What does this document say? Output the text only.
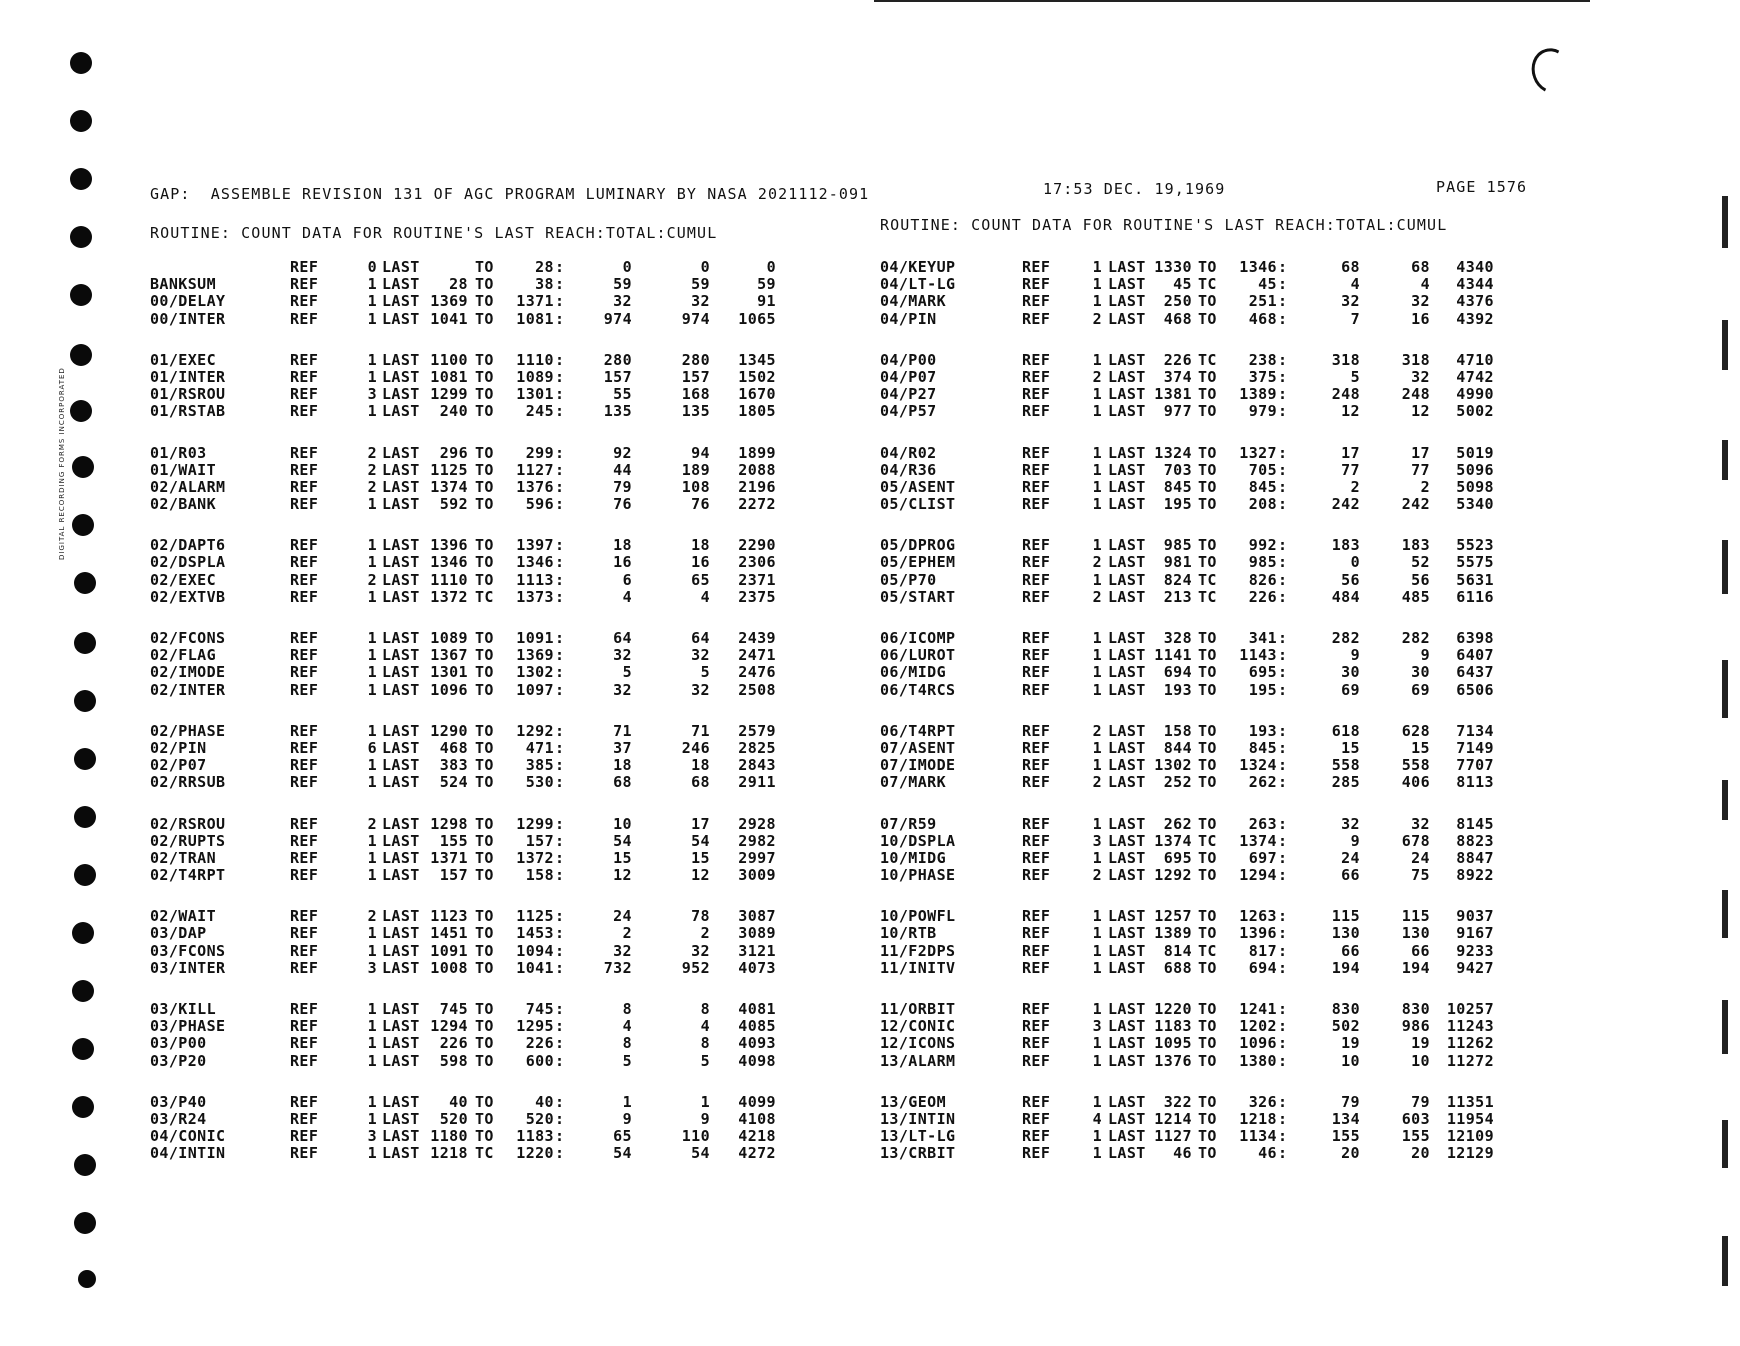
DIGITAL RECORDING FORMS INCORPORATED
GAP:  ASSEMBLE REVISION 131 OF AGC PROGRAM LUMINARY BY NASA 2021112-091	17:53 DEC. 19,1969	PAGE 1576
ROUTINE: COUNT DATA FOR ROUTINE'S LAST REACH:TOTAL:CUMUL	ROUTINE: COUNT DATA FOR ROUTINE'S LAST REACH:TOTAL:CUMUL
REF	0 LAST	TO	28	0	0	0
:
BANKSUM	REF	1 LAST	28 TO	38	59	59	59
:
00/DELAY	REF	1 LAST 1369 TO	1371	32	32	91
:
00/INTER	REF	1 LAST 1041 TO	1081	974	974	1065
:
01/EXEC	REF	1 LAST 1100 TO	1110	280	280	1345
:
01/INTER	REF	1 LAST 1081 TO	1089	157	157	1502
:
01/RSROU	REF	3 LAST 1299 TO	1301	55	168	1670
:
01/RSTAB	REF	1 LAST	240 TO	245	135	135	1805
:
01/R03	REF	2 LAST	296 TO	299	92	94	1899
:
01/WAIT	REF	2 LAST 1125 TO	1127	44	189	2088
:
02/ALARM	REF	2 LAST 1374 TO	1376	79	108	2196
:
02/BANK	REF	1 LAST	592 TO	596	76	76	2272
:
02/DAPT6	REF	1 LAST 1396 TO	1397	18	18	2290
:
02/DSPLA	REF	1 LAST 1346 TO	1346	16	16	2306
:
02/EXEC	REF	2 LAST 1110 TO	1113	6	65	2371
:
02/EXTVB	REF	1 LAST 1372 TC	1373	4	4	2375
:
02/FCONS	REF	1 LAST 1089 TO	1091	64	64	2439
:
02/FLAG	REF	1 LAST 1367 TO	1369	32	32	2471
:
02/IMODE	REF	1 LAST 1301 TO	1302	5	5	2476
:
02/INTER	REF	1 LAST 1096 TO	1097	32	32	2508
:
02/PHASE	REF	1 LAST 1290 TO	1292	71	71	2579
:
02/PIN	REF	6 LAST	468 TO	471	37	246	2825
:
02/P07	REF	1 LAST	383 TO	385	18	18	2843
:
02/RRSUB	REF	1 LAST	524 TO	530	68	68	2911
:
02/RSROU	REF	2 LAST 1298 TO	1299	10	17	2928
:
02/RUPTS	REF	1 LAST	155 TO	157	54	54	2982
:
02/TRAN	REF	1 LAST 1371 TO	1372	15	15	2997
:
02/T4RPT	REF	1 LAST	157 TO	158	12	12	3009
:
02/WAIT	REF	2 LAST 1123 TO	1125	24	78	3087
:
03/DAP	REF	1 LAST 1451 TO	1453	2	2	3089
:
03/FCONS	REF	1 LAST 1091 TO	1094	32	32	3121
:
03/INTER	REF	3 LAST 1008 TO	1041	732	952	4073
:
03/KILL	REF	1 LAST	745 TO	745	8	8	4081
:
03/PHASE	REF	1 LAST 1294 TO	1295	4	4	4085
:
03/P00	REF	1 LAST	226 TO	226	8	8	4093
:
03/P20	REF	1 LAST	598 TO	600	5	5	4098
:
03/P40	REF	1 LAST	40 TO	40	1	1	4099
:
03/R24	REF	1 LAST	520 TO	520	9	9	4108
:
04/CONIC	REF	3 LAST 1180 TO	1183	65	110	4218
:
04/INTIN	REF	1 LAST 1218 TC	1220	54	54	4272
:
04/KEYUP	REF	1 LAST 1330 TO	1346	68	68	4340
:
04/LT-LG	REF	1 LAST	45 TC	45	4	4	4344
:
04/MARK	REF	1 LAST	250 TO	251	32	32	4376
:
04/PIN	REF	2 LAST	468 TO	468	7	16	4392
:
04/P00	REF	1 LAST	226 TC	238	318	318	4710
:
04/P07	REF	2 LAST	374 TO	375	5	32	4742
:
04/P27	REF	1 LAST 1381 TO	1389	248	248	4990
:
04/P57	REF	1 LAST	977 TO	979	12	12	5002
:
04/R02	REF	1 LAST 1324 TO	1327	17	17	5019
:
04/R36	REF	1 LAST	703 TO	705	77	77	5096
:
05/ASENT	REF	1 LAST	845 TO	845	2	2	5098
:
05/CLIST	REF	1 LAST	195 TO	208	242	242	5340
:
05/DPROG	REF	1 LAST	985 TO	992	183	183	5523
:
05/EPHEM	REF	2 LAST	981 TO	985	0	52	5575
:
05/P70	REF	1 LAST	824 TC	826	56	56	5631
:
05/START	REF	2 LAST	213 TC	226	484	485	6116
:
06/ICOMP	REF	1 LAST	328 TO	341	282	282	6398
:
06/LUROT	REF	1 LAST 1141 TO	1143	9	9	6407
:
06/MIDG	REF	1 LAST	694 TO	695	30	30	6437
:
06/T4RCS	REF	1 LAST	193 TO	195	69	69	6506
:
06/T4RPT	REF	2 LAST	158 TO	193	618	628	7134
:
07/ASENT	REF	1 LAST	844 TO	845	15	15	7149
:
07/IMODE	REF	1 LAST 1302 TO	1324	558	558	7707
:
07/MARK	REF	2 LAST	252 TO	262	285	406	8113
:
07/R59	REF	1 LAST	262 TO	263	32	32	8145
:
10/DSPLA	REF	3 LAST 1374 TC	1374	9	678	8823
:
10/MIDG	REF	1 LAST	695 TO	697	24	24	8847
:
10/PHASE	REF	2 LAST 1292 TO	1294	66	75	8922
:
10/POWFL	REF	1 LAST 1257 TO	1263	115	115	9037
:
10/RTB	REF	1 LAST 1389 TO	1396	130	130	9167
:
11/F2DPS	REF	1 LAST	814 TC	817	66	66	9233
:
11/INITV	REF	1 LAST	688 TO	694	194	194	9427
:
11/ORBIT	REF	1 LAST 1220 TO	1241	830	830	10257
:
12/CONIC	REF	3 LAST 1183 TO	1202	502	986	11243
:
12/ICONS	REF	1 LAST 1095 TO	1096	19	19	11262
:
13/ALARM	REF	1 LAST 1376 TO	1380	10	10	11272
:
13/GEOM	REF	1 LAST	322 TO	326	79	79	11351
:
13/INTIN	REF	4 LAST 1214 TO	1218	134	603	11954
:
13/LT-LG	REF	1 LAST 1127 TO	1134	155	155	12109
:
13/CRBIT	REF	1 LAST	46 TO	46	20	20	12129
:
